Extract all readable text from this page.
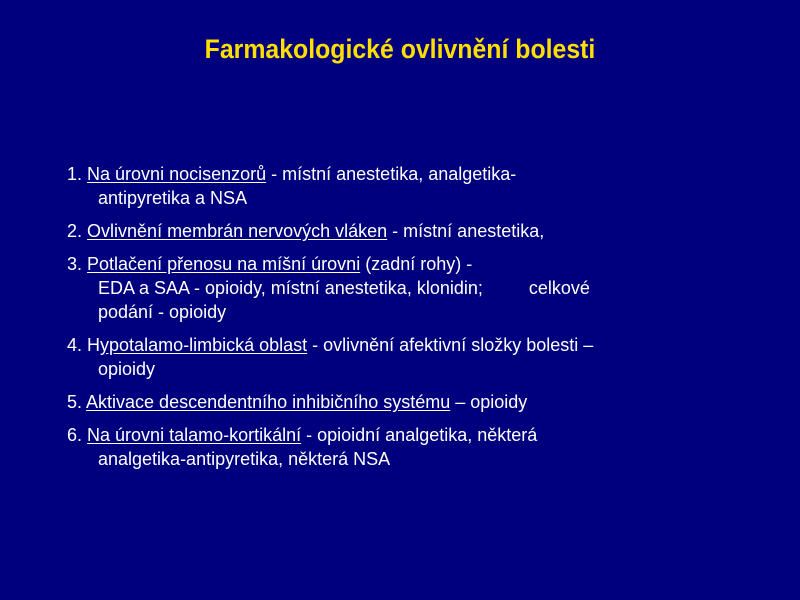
Farmakologické ovlivnění bolesti
1. Na úrovni nocisenzorů - místní anestetika, analgetika-
antipyretika a NSA
2. Ovlivnění membrán nervových vláken - místní anestetika,
3. Potlačení přenosu na míšní úrovni (zadní rohy) -
EDA a SAA - opioidy, místní anestetika, klonidin;	celkové
podání - opioidy
4. Hypotalamo-limbická oblast - ovlivnění afektivní složky bolesti –
opioidy
5. Aktivace descendentního inhibičního systému – opioidy
6. Na úrovni talamo-kortikální - opioidní analgetika, některá
analgetika-antipyretika, některá NSA
